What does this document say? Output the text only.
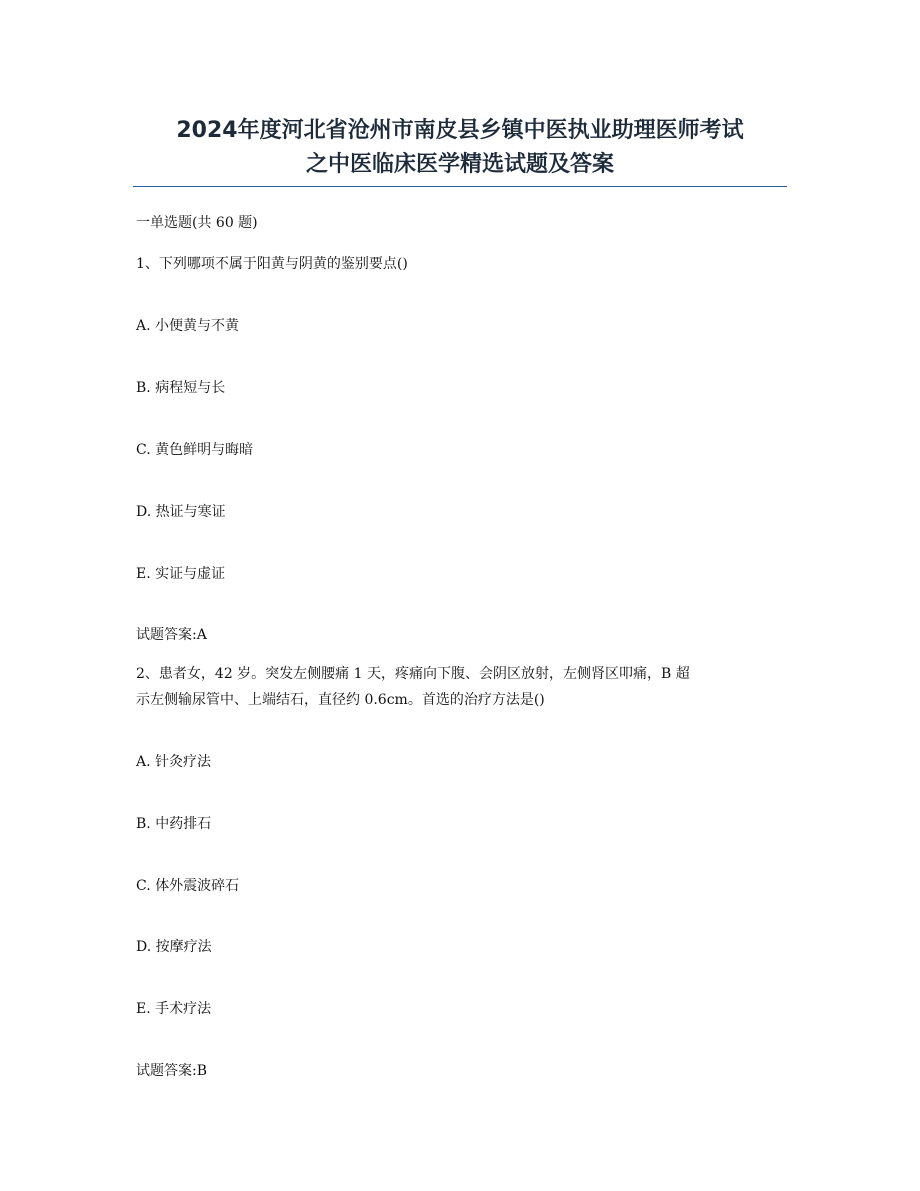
2024年度河北省沧州市南皮县乡镇中医执业助理医师考试
之中医临床医学精选试题及答案
一单选题(共 60 题)
1、下列哪项不属于阳黄与阴黄的鉴别要点()
A. 小便黄与不黄
B. 病程短与长
C. 黄色鲜明与晦暗
D. 热证与寒证
E. 实证与虚证
试题答案:A
2、患者女，42 岁。突发左侧腰痛 1 天，疼痛向下腹、会阴区放射，左侧肾区叩痛，B 超
示左侧输尿管中、上端结石，直径约 0.6cm。首选的治疗方法是()
A. 针灸疗法
B. 中药排石
C. 体外震波碎石
D. 按摩疗法
E. 手术疗法
试题答案:B
